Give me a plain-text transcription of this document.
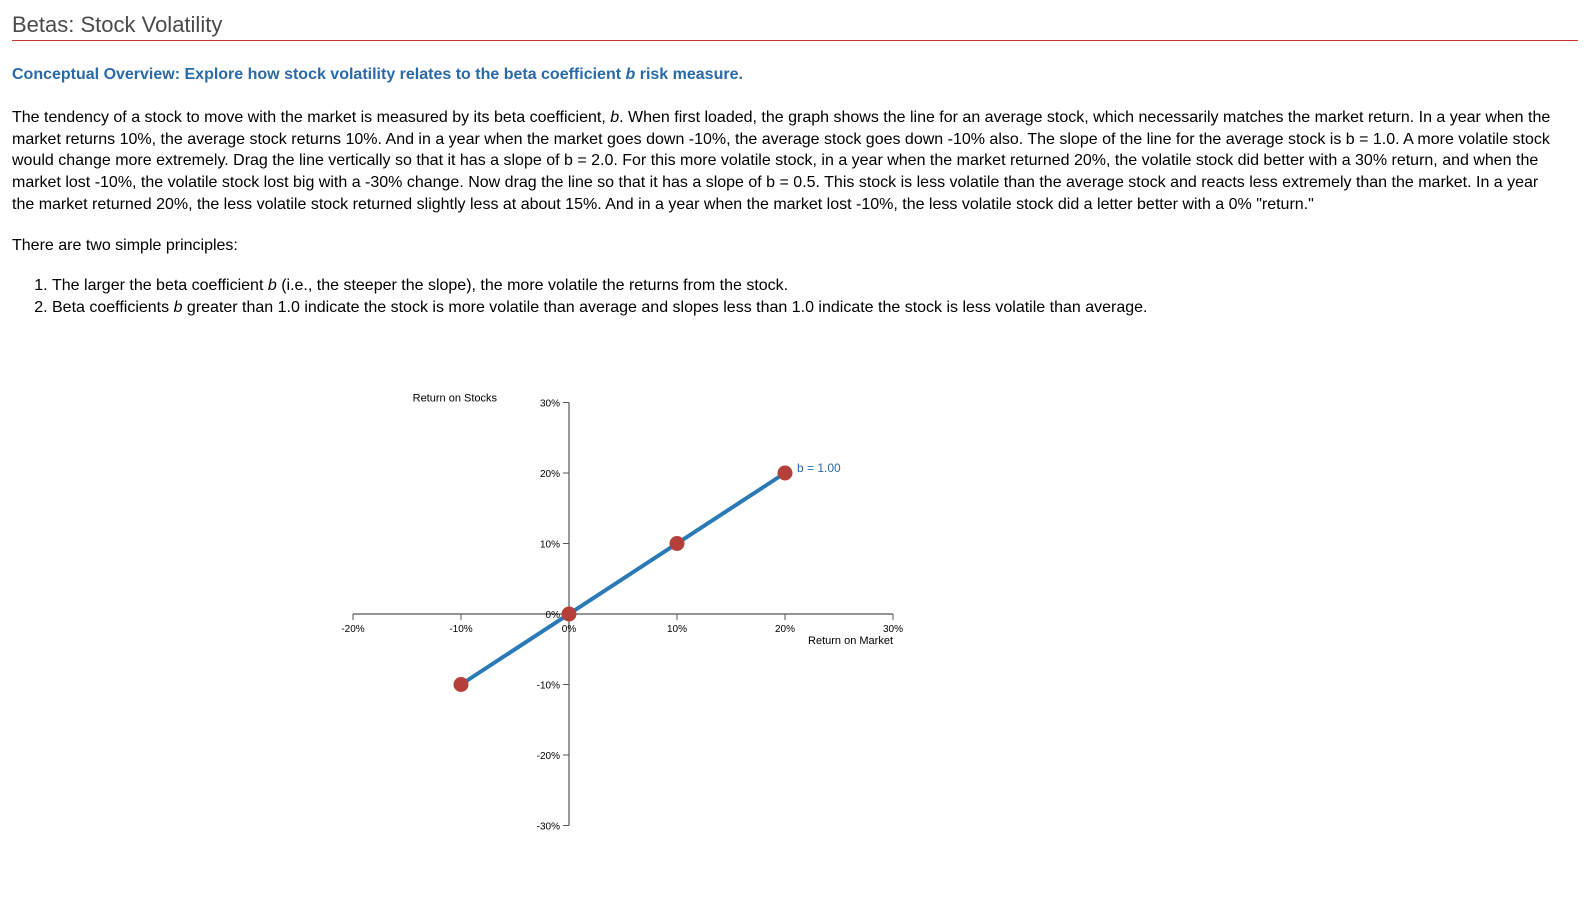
Betas: Stock Volatility
Conceptual Overview: Explore how stock volatility relates to the beta coefficient b risk measure.
The tendency of a stock to move with the market is measured by its beta coefficient, b. When first loaded, the graph shows the line for an average stock, which necessarily matches the market return. In a year when the market returns 10%, the average stock returns 10%. And in a year when the market goes down -10%, the average stock goes down -10% also. The slope of the line for the average stock is b = 1.0. A more volatile stock would change more extremely. Drag the line vertically so that it has a slope of b = 2.0. For this more volatile stock, in a year when the market returned 20%, the volatile stock did better with a 30% return, and when the market lost -10%, the volatile stock lost big with a -30% change. Now drag the line so that it has a slope of b = 0.5. This stock is less volatile than the average stock and reacts less extremely than the market. In a year the market returned 20%, the less volatile stock returned slightly less at about 15%. And in a year when the market lost -10%, the less volatile stock did a letter better with a 0% "return."
There are two simple principles:
1. The larger the beta coefficient b (i.e., the steeper the slope), the more volatile the returns from the stock.
2. Beta coefficients b greater than 1.0 indicate the stock is more volatile than average and slopes less than 1.0 indicate the stock is less volatile than average.
-20%	-10%	0%	10%	20%	30%
-30%
-20%
-10%
0%
10%
20%
30%
Return on Market
Return on Stocks
b = 1.00
